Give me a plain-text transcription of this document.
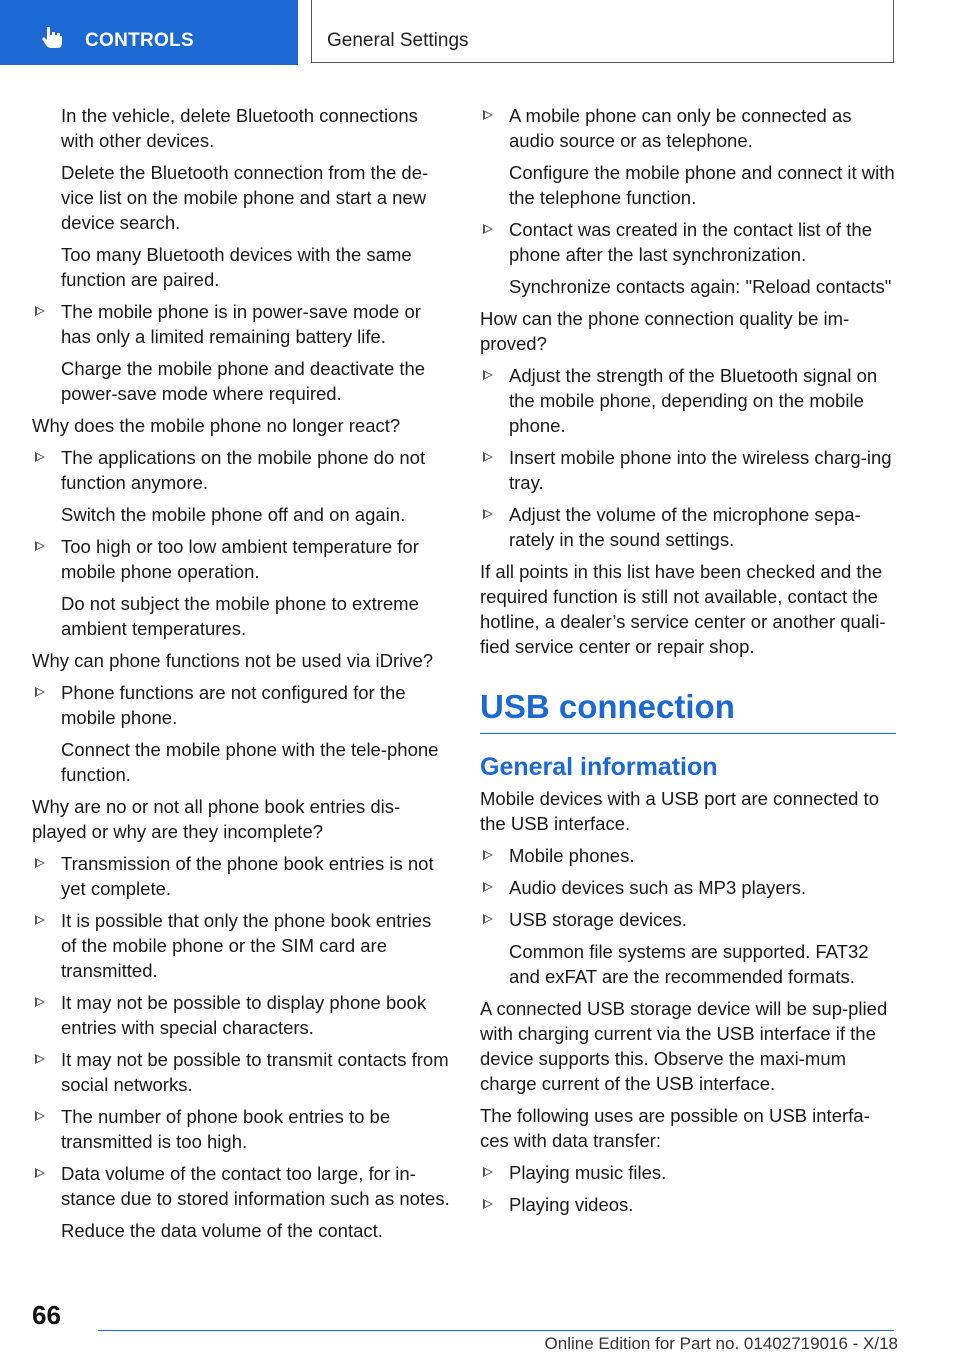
CONTROLS	General Settings
In the vehicle, delete Bluetooth connections with other devices.
Delete the Bluetooth connection from the de‐vice list on the mobile phone and start a new device search.
Too many Bluetooth devices with the same function are paired.
The mobile phone is in power-save mode or has only a limited remaining battery life.
Charge the mobile phone and deactivate the power-save mode where required.
Why does the mobile phone no longer react?
The applications on the mobile phone do not function anymore.
Switch the mobile phone off and on again.
Too high or too low ambient temperature for mobile phone operation.
Do not subject the mobile phone to extreme ambient temperatures.
Why can phone functions not be used via iDrive?
Phone functions are not configured for the mobile phone.
Connect the mobile phone with the tele‐phone function.
Why are no or not all phone book entries dis‐played or why are they incomplete?
Transmission of the phone book entries is not yet complete.
It is possible that only the phone book entries of the mobile phone or the SIM card are transmitted.
It may not be possible to display phone book entries with special characters.
It may not be possible to transmit contacts from social networks.
The number of phone book entries to be transmitted is too high.
Data volume of the contact too large, for in‐stance due to stored information such as notes.
Reduce the data volume of the contact.
A mobile phone can only be connected as audio source or as telephone.
Configure the mobile phone and connect it with the telephone function.
Contact was created in the contact list of the phone after the last synchronization.
Synchronize contacts again: "Reload contacts"
How can the phone connection quality be im‐proved?
Adjust the strength of the Bluetooth signal on the mobile phone, depending on the mobile phone.
Insert mobile phone into the wireless charg‐ing tray.
Adjust the volume of the microphone sepa‐rately in the sound settings.
If all points in this list have been checked and the required function is still not available, contact the hotline, a dealer’s service center or another quali‐fied service center or repair shop.
USB connection
General information
Mobile devices with a USB port are connected to the USB interface.
Mobile phones.
Audio devices such as MP3 players.
USB storage devices.
Common file systems are supported. FAT32 and exFAT are the recommended formats.
A connected USB storage device will be sup‐plied with charging current via the USB interface if the device supports this. Observe the maxi‐mum charge current of the USB interface.
The following uses are possible on USB interfa‐ces with data transfer:
Playing music files.
Playing videos.
66
Online Edition for Part no. 01402719016 - X/18
